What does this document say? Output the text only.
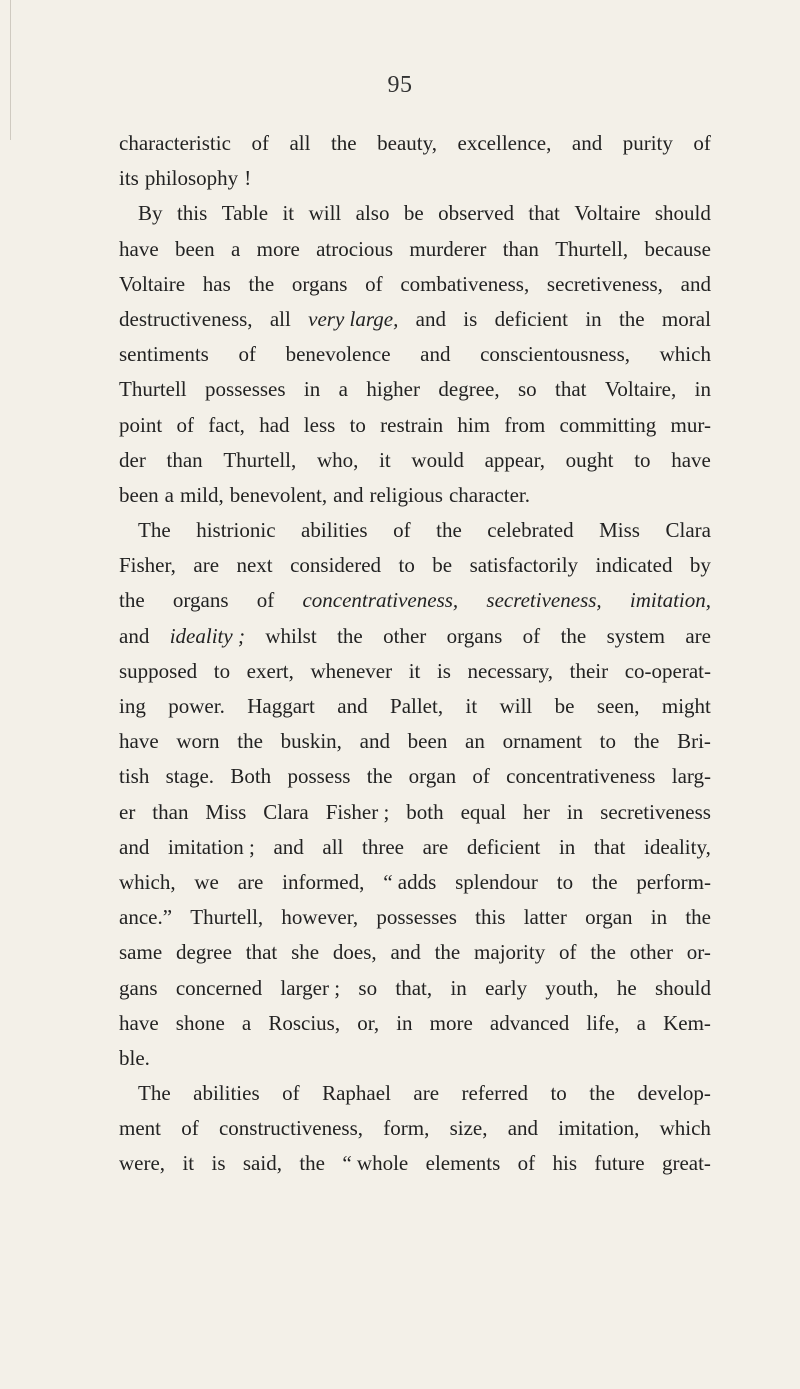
95
characteristic of all the beauty, excellence, and purity of
its philosophy !
By this Table it will also be observed that Voltaire should
have been a more atrocious murderer than Thurtell, because
Voltaire has the organs of combativeness, secretiveness, and
destructiveness, all very large, and is deficient in the moral
sentiments of benevolence and conscientousness, which
Thurtell possesses in a higher degree, so that Voltaire, in
point of fact, had less to restrain him from committing mur-
der than Thurtell, who, it would appear, ought to have
been a mild, benevolent, and religious character.
The histrionic abilities of the celebrated Miss Clara
Fisher, are next considered to be satisfactorily indicated by
the organs of concentrativeness, secretiveness, imitation,
and ideality ; whilst the other organs of the system are
supposed to exert, whenever it is necessary, their co-operat-
ing power. Haggart and Pallet, it will be seen, might
have worn the buskin, and been an ornament to the Bri-
tish stage. Both possess the organ of concentrativeness larg-
er than Miss Clara Fisher ; both equal her in secretiveness
and imitation ; and all three are deficient in that ideality,
which, we are informed, “ adds splendour to the perform-
ance.” Thurtell, however, possesses this latter organ in the
same degree that she does, and the majority of the other or-
gans concerned larger ; so that, in early youth, he should
have shone a Roscius, or, in more advanced life, a Kem-
ble.
The abilities of Raphael are referred to the develop-
ment of constructiveness, form, size, and imitation, which
were, it is said, the “ whole elements of his future great-
